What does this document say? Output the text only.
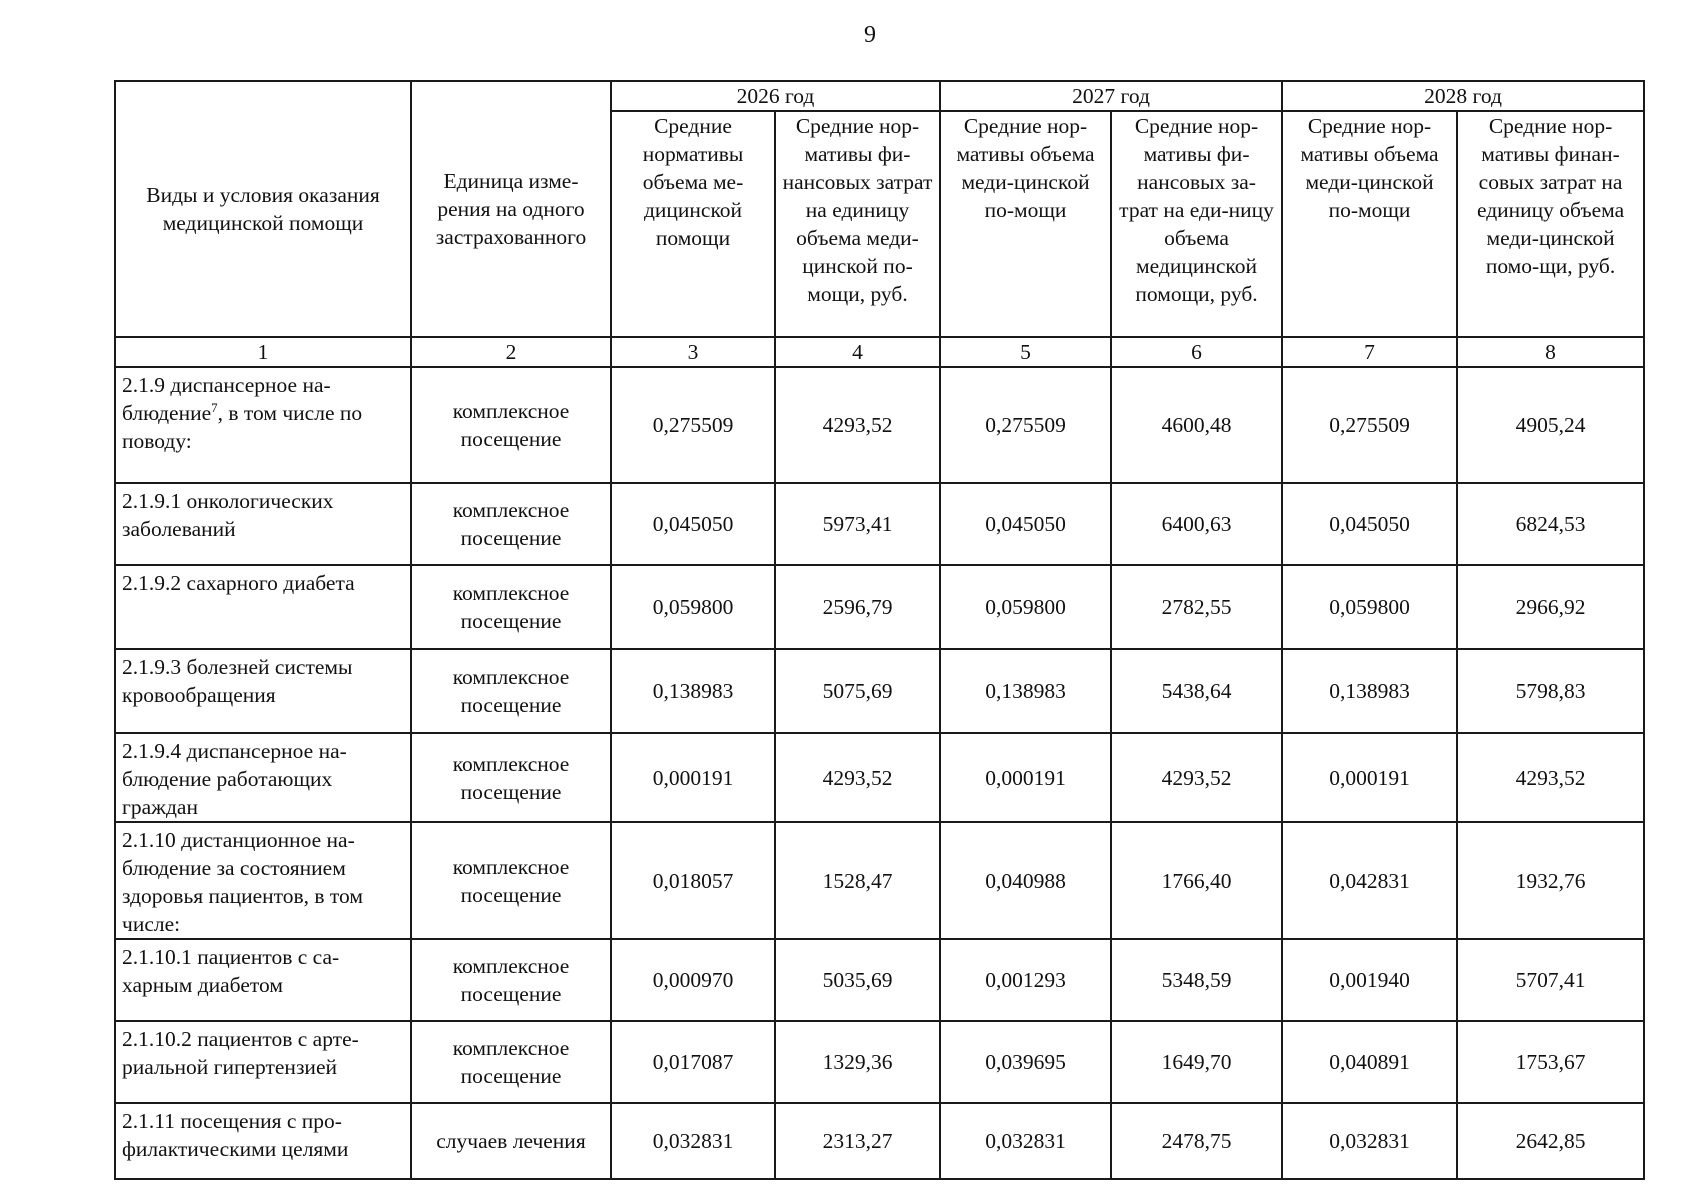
9
Виды и условия оказания медицинской помощи	Единица изме-рения на одного застрахованного	2026 год		2027 год		2028 год	
		Средние нормативы объема ме-дицинской помощи	Средние нор-мативы фи-нансовых затрат на единицу объема меди-цинской по-мощи, руб.	Средние нор-мативы объема меди-цинской по-мощи	Средние нор-мативы фи-нансовых за-трат на еди-ницу объема медицинской помощи, руб.	Средние нор-мативы объема меди-цинской по-мощи	Средние нор-мативы финан-совых затрат на единицу объема меди-цинской помо-щи, руб.
1	2	3	4	5	6	7	8
2.1.9 диспансерное на-блюдение$^7$, в том числе по поводу:	комплексное посещение	0,275509	4293,52	0,275509	4600,48	0,275509	4905,24
2.1.9.1 онкологических заболеваний	комплексное посещение	0,045050	5973,41	0,045050	6400,63	0,045050	6824,53
2.1.9.2 сахарного диабета	комплексное посещение	0,059800	2596,79	0,059800	2782,55	0,059800	2966,92
2.1.9.3 болезней системы кровообращения	комплексное посещение	0,138983	5075,69	0,138983	5438,64	0,138983	5798,83
2.1.9.4 диспансерное на-блюдение работающих граждан	комплексное посещение	0,000191	4293,52	0,000191	4293,52	0,000191	4293,52
2.1.10 дистанционное на-блюдение за состоянием здоровья пациентов, в том числе:	комплексное посещение	0,018057	1528,47	0,040988	1766,40	0,042831	1932,76
2.1.10.1 пациентов с са-харным диабетом	комплексное посещение	0,000970	5035,69	0,001293	5348,59	0,001940	5707,41
2.1.10.2 пациентов с арте-риальной гипертензией	комплексное посещение	0,017087	1329,36	0,039695	1649,70	0,040891	1753,67
2.1.11 посещения с про-филактическими целями	случаев лечения	0,032831	2313,27	0,032831	2478,75	0,032831	2642,85
